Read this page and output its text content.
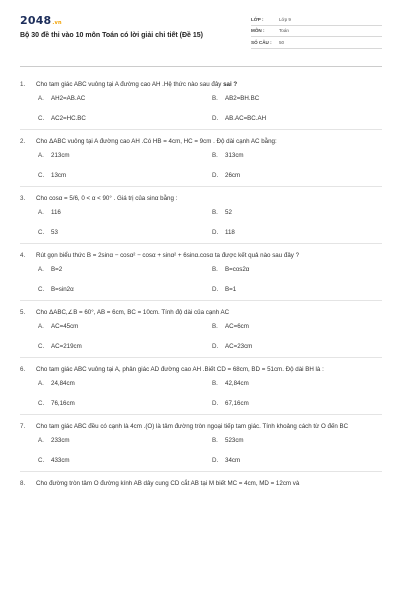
2048.vn
Bộ 30 đề thi vào 10 môn Toán có lời giải chi tiết (Đề 15)
LỚP :	Lớp 9
MÔN :	Toán
SỐ CÂU :	50
1.	Cho tam giác ABC vuông tại A đường cao AH .Hệ thức nào sau đây sai ?
A.	AH2=AB.AC	B.	AB2=BH.BC
C.	AC2=HC.BC	D.	AB.AC=BC.AH
2.	Cho ΔABC vuông tại A đường cao AH .Có HB = 4cm, HC = 9cm . Độ dài cạnh AC bằng:
A.	213cm	B.	313cm
C.	13cm	D.	26cm
3.	Cho cosα = 5/6, 0 < α < 90° . Giá trị của sinα bằng :
A.	116	B.	52
C.	53	D.	118
4.	Rút gọn biểu thức B = 2sinα − cosα² − cosα + sinα² + 6sinα.cosα ta được kết quả nào sau đây ?
A.	B=2	B.	B=cos2α
C.	B=sin2α	D.	B=1
5.	Cho ΔABC,∠B = 60°, AB = 6cm, BC = 10cm. Tính độ dài của cạnh AC
A.	AC=45cm	B.	AC=6cm
C.	AC=219cm	D.	AC=23cm
6.	Cho tam giác ABC vuông tại A, phân giác AD đường cao AH .Biết CD = 68cm, BD = 51cm. Độ dài BH là :
A.	24,84cm	B.	42,84cm
C.	76,16cm	D.	67,16cm
7.	Cho tam giác ABC đều có cạnh là 4cm .(O) là tâm đường tròn ngoại tiếp tam giác. Tính khoảng cách từ O đến BC
A.	233cm	B.	523cm
C.	433cm	D.	34cm
8.	Cho đường tròn tâm O đường kính AB dây cung CD cắt AB tại M biết MC = 4cm, MD = 12cm và
